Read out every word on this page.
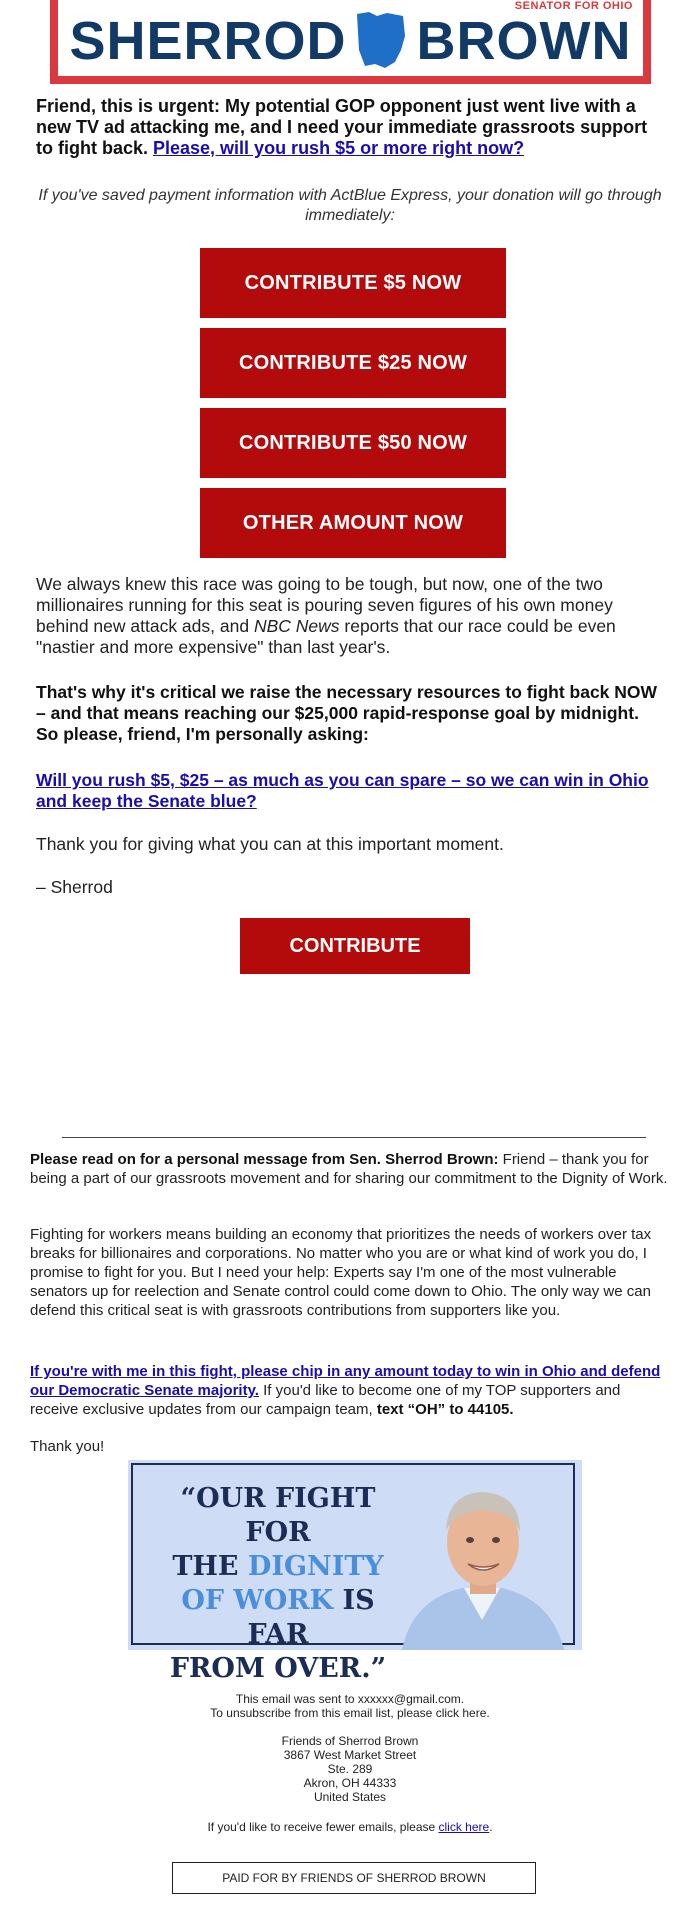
SENATOR FOR OHIO
SHERROD BROWN
Friend, this is urgent: My potential GOP opponent just went live with a new TV ad attacking me, and I need your immediate grassroots support to fight back. Please, will you rush $5 or more right now?
If you've saved payment information with ActBlue Express, your donation will go through immediately:
CONTRIBUTE $5 NOW
CONTRIBUTE $25 NOW
CONTRIBUTE $50 NOW
OTHER AMOUNT NOW
We always knew this race was going to be tough, but now, one of the two millionaires running for this seat is pouring seven figures of his own money behind new attack ads, and NBC News reports that our race could be even "nastier and more expensive" than last year's.
That's why it's critical we raise the necessary resources to fight back NOW – and that means reaching our $25,000 rapid-response goal by midnight. So please, friend, I'm personally asking:
Will you rush $5, $25 – as much as you can spare – so we can win in Ohio and keep the Senate blue?
Thank you for giving what you can at this important moment.
– Sherrod
CONTRIBUTE
Please read on for a personal message from Sen. Sherrod Brown: Friend – thank you for being a part of our grassroots movement and for sharing our commitment to the Dignity of Work.
Fighting for workers means building an economy that prioritizes the needs of workers over tax breaks for billionaires and corporations. No matter who you are or what kind of work you do, I promise to fight for you. But I need your help: Experts say I'm one of the most vulnerable senators up for reelection and Senate control could come down to Ohio. The only way we can defend this critical seat is with grassroots contributions from supporters like you.
If you're with me in this fight, please chip in any amount today to win in Ohio and defend our Democratic Senate majority. If you'd like to become one of my TOP supporters and receive exclusive updates from our campaign team, text “OH” to 44105.
Thank you!
“OUR FIGHT FOR
THE DIGNITY
OF WORK IS FAR
FROM OVER.”
This email was sent to xxxxxx@gmail.com.
To unsubscribe from this email list, please click here.
Friends of Sherrod Brown
3867 West Market Street
Ste. 289
Akron, OH 44333
United States
If you'd like to receive fewer emails, please click here.
PAID FOR BY FRIENDS OF SHERROD BROWN
